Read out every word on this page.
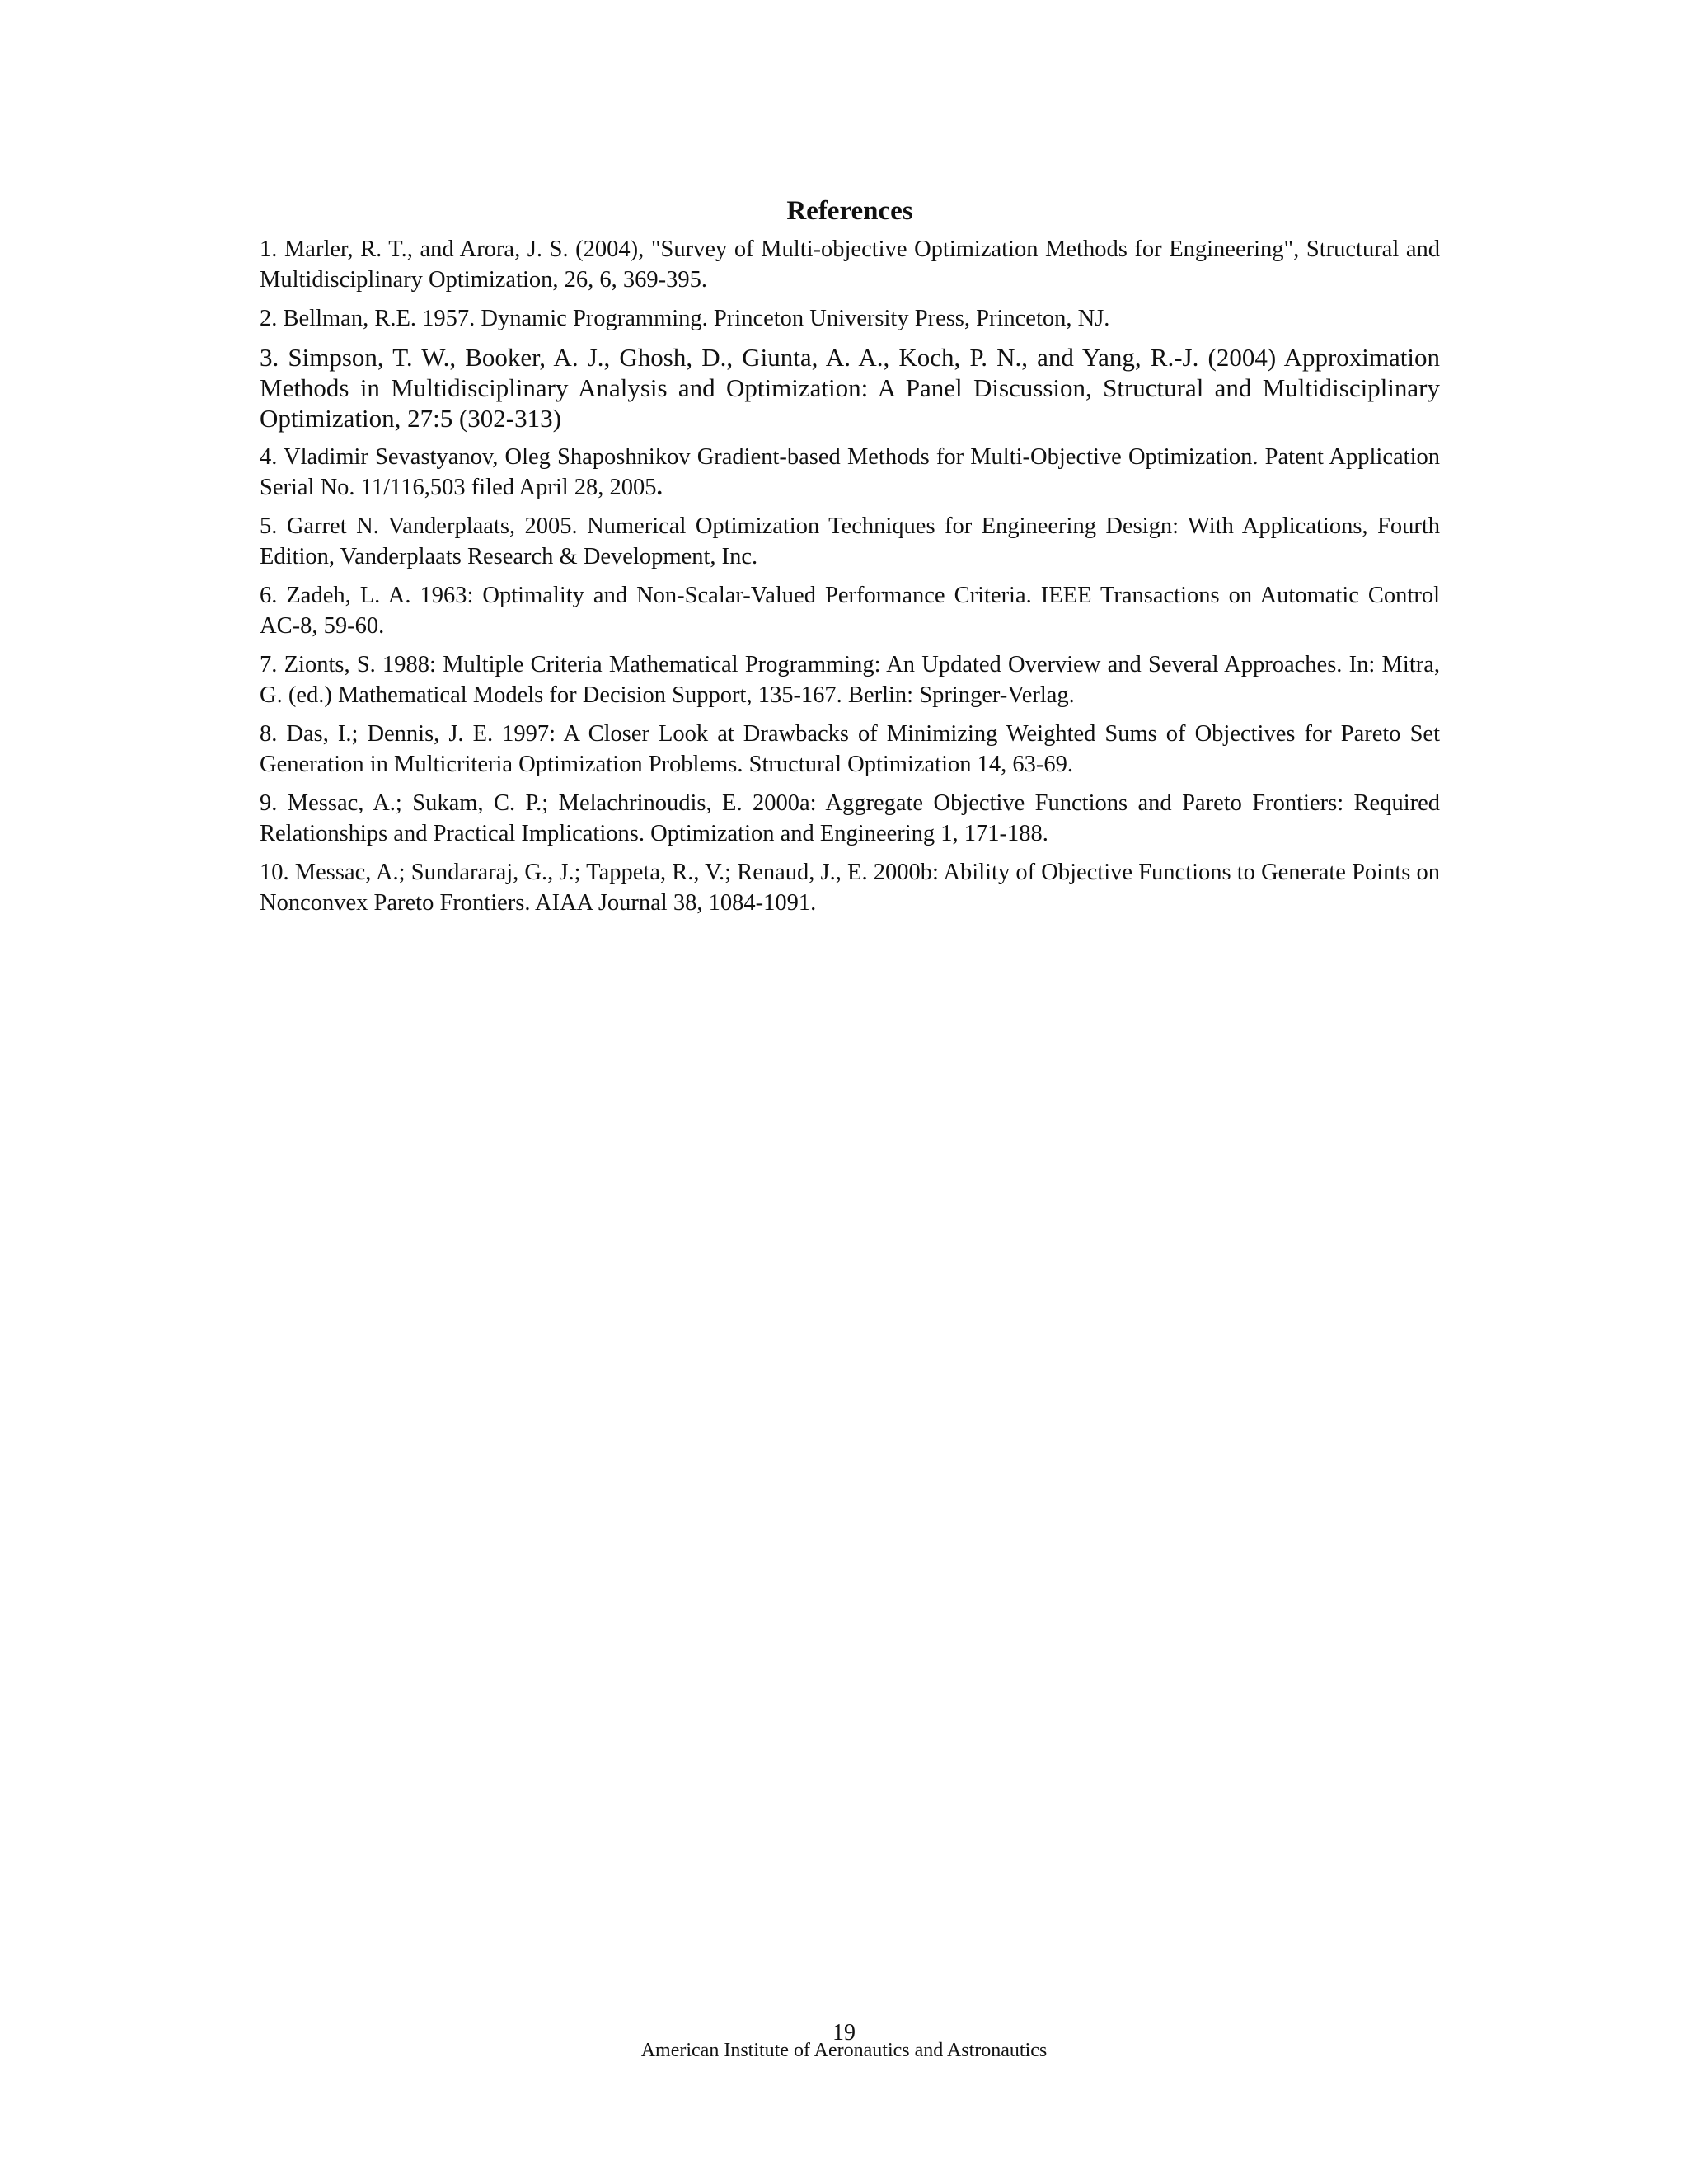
References

1. Marler, R. T., and Arora, J. S. (2004), "Survey of Multi-objective Optimization Methods for Engineering", Structural and Multidisciplinary Optimization, 26, 6, 369-395.

2. Bellman, R.E. 1957. Dynamic Programming. Princeton University Press, Princeton, NJ.

3. Simpson, T. W., Booker, A. J., Ghosh, D., Giunta, A. A., Koch, P. N., and Yang, R.-J. (2004) Approximation Methods in Multidisciplinary Analysis and Optimization: A Panel Discussion, Structural and Multidisciplinary Optimization, 27:5 (302-313)

4. Vladimir Sevastyanov, Oleg Shaposhnikov Gradient-based Methods for Multi-Objective Optimization. Patent Application Serial No. 11/116,503 filed April 28, 2005.

5. Garret N. Vanderplaats, 2005. Numerical Optimization Techniques for Engineering Design: With Applications, Fourth Edition, Vanderplaats Research & Development, Inc.

6. Zadeh, L. A. 1963: Optimality and Non-Scalar-Valued Performance Criteria. IEEE Transactions on Automatic Control AC-8, 59-60.

7. Zionts, S. 1988: Multiple Criteria Mathematical Programming: An Updated Overview and Several Approaches. In: Mitra, G. (ed.) Mathematical Models for Decision Support, 135-167. Berlin: Springer-Verlag.

8. Das, I.; Dennis, J. E. 1997: A Closer Look at Drawbacks of Minimizing Weighted Sums of Objectives for Pareto Set Generation in Multicriteria Optimization Problems. Structural Optimization 14, 63-69.

9. Messac, A.; Sukam, C. P.; Melachrinoudis, E. 2000a: Aggregate Objective Functions and Pareto Frontiers: Required Relationships and Practical Implications. Optimization and Engineering 1, 171-188.

10. Messac, A.; Sundararaj, G., J.; Tappeta, R., V.; Renaud, J., E. 2000b: Ability of Objective Functions to Generate Points on Nonconvex Pareto Frontiers. AIAA Journal 38, 1084-1091.

19
American Institute of Aeronautics and Astronautics
